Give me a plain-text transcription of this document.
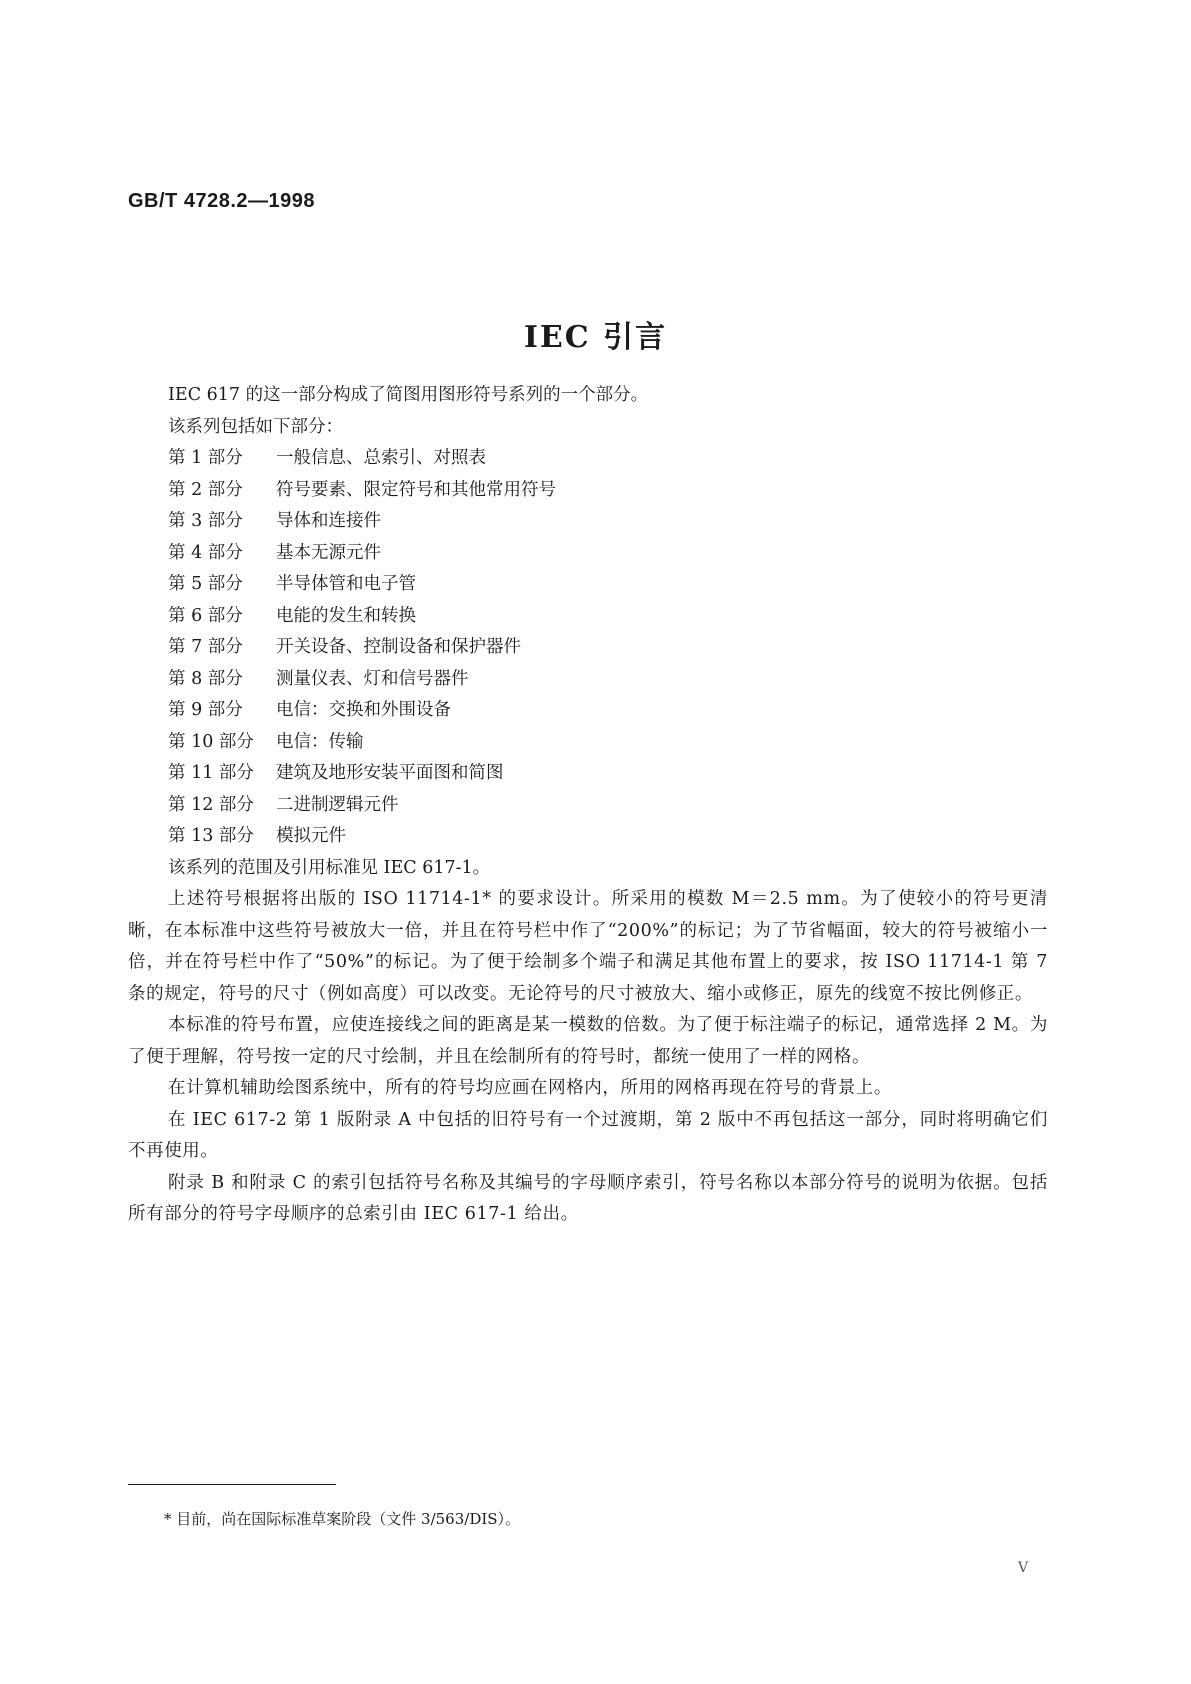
GB/T 4728.2—1998
IEC 引言
IEC 617 的这一部分构成了简图用图形符号系列的一个部分。
该系列包括如下部分：
第 1 部分 一般信息、总索引、对照表
第 2 部分 符号要素、限定符号和其他常用符号
第 3 部分 导体和连接件
第 4 部分 基本无源元件
第 5 部分 半导体管和电子管
第 6 部分 电能的发生和转换
第 7 部分 开关设备、控制设备和保护器件
第 8 部分 测量仪表、灯和信号器件
第 9 部分 电信：交换和外围设备
第 10 部分 电信：传输
第 11 部分 建筑及地形安装平面图和简图
第 12 部分 二进制逻辑元件
第 13 部分 模拟元件
该系列的范围及引用标准见 IEC 617-1。
上述符号根据将出版的 ISO 11714-1* 的要求设计。所采用的模数 M＝2.5 mm。为了使较小的符号更清晰，在本标准中这些符号被放大一倍，并且在符号栏中作了“200%”的标记；为了节省幅面，较大的符号被缩小一倍，并在符号栏中作了“50%”的标记。为了便于绘制多个端子和满足其他布置上的要求，按 ISO 11714-1 第 7 条的规定，符号的尺寸（例如高度）可以改变。无论符号的尺寸被放大、缩小或修正，原先的线宽不按比例修正。
本标准的符号布置，应使连接线之间的距离是某一模数的倍数。为了便于标注端子的标记，通常选择 2 M。为了便于理解，符号按一定的尺寸绘制，并且在绘制所有的符号时，都统一使用了一样的网格。
在计算机辅助绘图系统中，所有的符号均应画在网格内，所用的网格再现在符号的背景上。
在 IEC 617-2 第 1 版附录 A 中包括的旧符号有一个过渡期，第 2 版中不再包括这一部分，同时将明确它们不再使用。
附录 B 和附录 C 的索引包括符号名称及其编号的字母顺序索引，符号名称以本部分符号的说明为依据。包括所有部分的符号字母顺序的总索引由 IEC 617-1 给出。
* 目前，尚在国际标准草案阶段（文件 3/563/DIS）。
V
